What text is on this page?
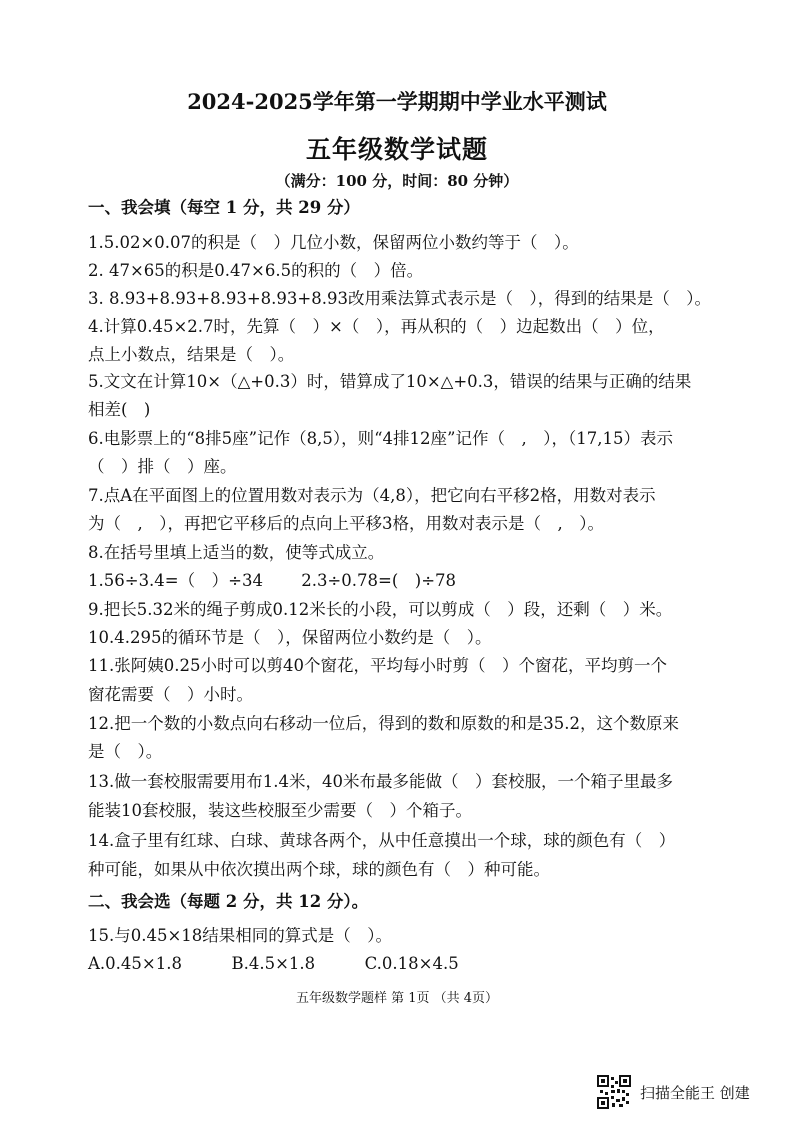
2024-2025学年第一学期期中学业水平测试
五年级数学试题
（满分：100 分，时间：80 分钟）
一、我会填（每空 1 分，共 29 分）
1.5.02×0.07的积是（　）几位小数，保留两位小数约等于（　）。
2. 47×65的积是0.47×6.5的积的（　）倍。
3. 8.93+8.93+8.93+8.93+8.93改用乘法算式表示是（　），得到的结果是（　）。
4.计算0.45×2.7时，先算（　）×（　），再从积的（　）边起数出（　）位，
点上小数点，结果是（　）。
5.文文在计算10×（△+0.3）时，错算成了10×△+0.3，错误的结果与正确的结果
相差(　)
6.电影票上的“8排5座”记作（8,5），则“4排12座”记作（　,　），（17,15）表示
（　）排（　）座。
7.点A在平面图上的位置用数对表示为（4,8），把它向右平移2格，用数对表示
为（　,　），再把它平移后的点向上平移3格，用数对表示是（　,　）。
8.在括号里填上适当的数，使等式成立。
1.56÷3.4=（　）÷34　　 2.3÷0.78=(　)÷78
9.把长5.32米的绳子剪成0.12米长的小段，可以剪成（　）段，还剩（　）米。
10.4.295的循环节是（　），保留两位小数约是（　）。
11.张阿姨0.25小时可以剪40个窗花，平均每小时剪（　）个窗花，平均剪一个
窗花需要（　）小时。
12.把一个数的小数点向右移动一位后，得到的数和原数的和是35.2，这个数原来
是（　）。
13.做一套校服需要用布1.4米，40米布最多能做（　）套校服，一个箱子里最多
能装10套校服，装这些校服至少需要（　）个箱子。
14.盒子里有红球、白球、黄球各两个，从中任意摸出一个球，球的颜色有（　）
种可能，如果从中依次摸出两个球，球的颜色有（　）种可能。
二、我会选（每题 2 分，共 12 分）。
15.与0.45×18结果相同的算式是（　）。
A.0.45×1.8　　　B.4.5×1.8　　　C.0.18×4.5
五年级数学题样 第 1页 （共 4页）
扫描全能王 创建
